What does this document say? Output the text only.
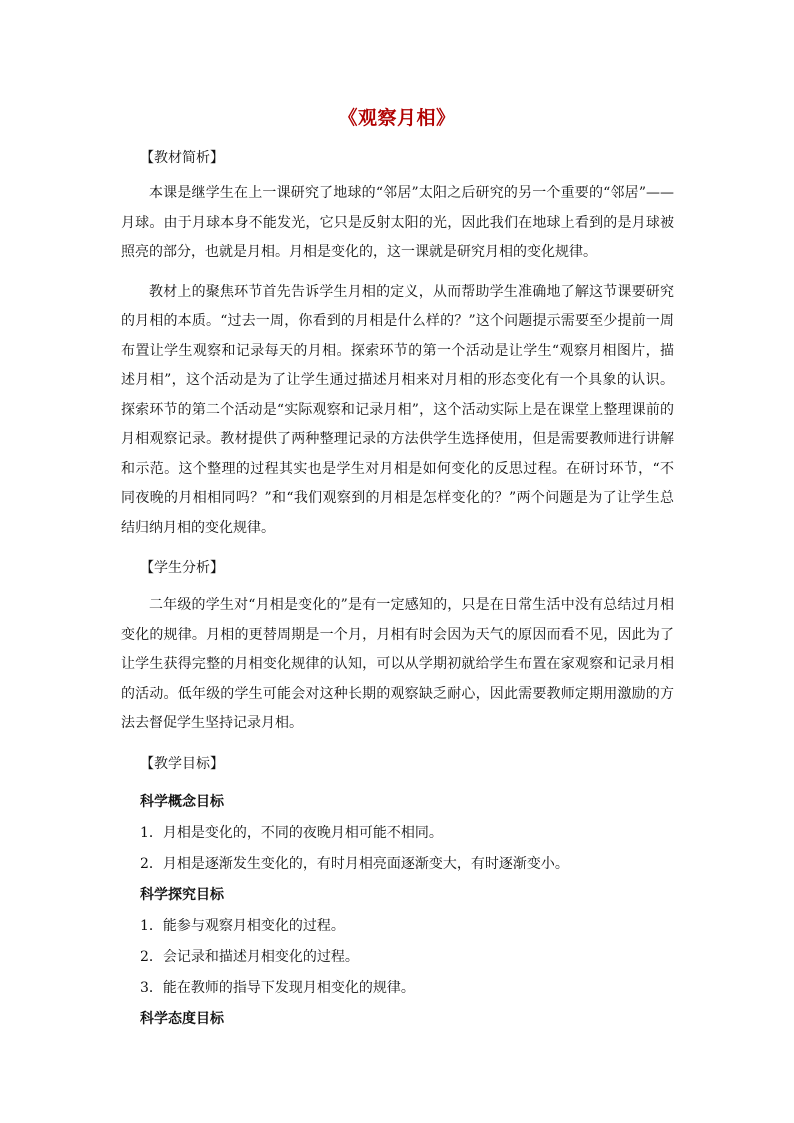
《观察月相》
【教材简析】

本课是继学生在上一课研究了地球的“邻居”太阳之后研究的另一个重要的“邻居”——月球。由于月球本身不能发光，它只是反射太阳的光，因此我们在地球上看到的是月球被照亮的部分，也就是月相。月相是变化的，这一课就是研究月相的变化规律。

教材上的聚焦环节首先告诉学生月相的定义，从而帮助学生准确地了解这节课要研究的月相的本质。“过去一周，你看到的月相是什么样的？”这个问题提示需要至少提前一周布置让学生观察和记录每天的月相。探索环节的第一个活动是让学生“观察月相图片，描述月相”，这个活动是为了让学生通过描述月相来对月相的形态变化有一个具象的认识。探索环节的第二个活动是“实际观察和记录月相”，这个活动实际上是在课堂上整理课前的月相观察记录。教材提供了两种整理记录的方法供学生选择使用，但是需要教师进行讲解和示范。这个整理的过程其实也是学生对月相是如何变化的反思过程。在研讨环节，“不同夜晚的月相相同吗？”和“我们观察到的月相是怎样变化的？”两个问题是为了让学生总结归纳月相的变化规律。

【学生分析】

二年级的学生对“月相是变化的”是有一定感知的，只是在日常生活中没有总结过月相变化的规律。月相的更替周期是一个月，月相有时会因为天气的原因而看不见，因此为了让学生获得完整的月相变化规律的认知，可以从学期初就给学生布置在家观察和记录月相的活动。低年级的学生可能会对这种长期的观察缺乏耐心，因此需要教师定期用激励的方法去督促学生坚持记录月相。

【教学目标】
科学概念目标
1．月相是变化的，不同的夜晚月相可能不相同。
2．月相是逐渐发生变化的，有时月相亮面逐渐变大，有时逐渐变小。
科学探究目标
1．能参与观察月相变化的过程。
2．会记录和描述月相变化的过程。
3．能在教师的指导下发现月相变化的规律。
科学态度目标
